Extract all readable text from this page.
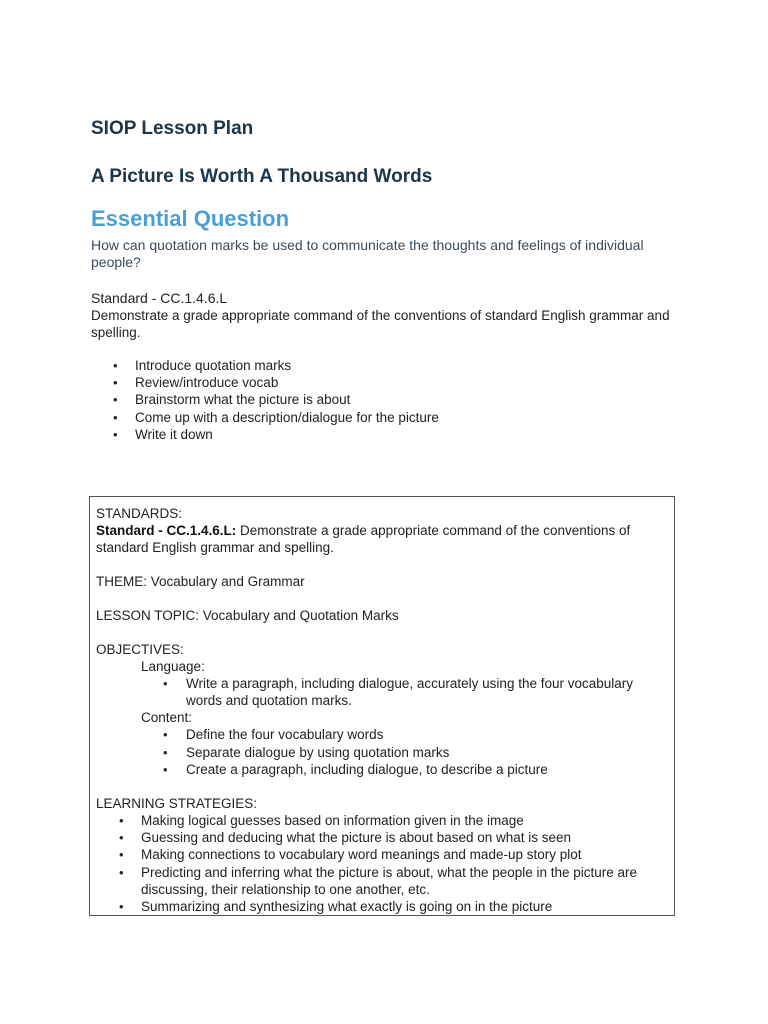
SIOP Lesson Plan
A Picture Is Worth A Thousand Words
Essential Question

How can quotation marks be used to communicate the thoughts and feelings of individual people?

Standard - CC.1.4.6.L

Demonstrate a grade appropriate command of the conventions of standard English grammar and spelling.

• Introduce quotation marks
• Review/introduce vocab
• Brainstorm what the picture is about
• Come up with a description/dialogue for the picture
• Write it down

STANDARDS:

Standard - CC.1.4.6.L: Demonstrate a grade appropriate command of the conventions of standard English grammar and spelling.

THEME: Vocabulary and Grammar

LESSON TOPIC: Vocabulary and Quotation Marks

OBJECTIVES:

Language:

• Write a paragraph, including dialogue, accurately using the four vocabulary words and quotation marks.

Content:

• Define the four vocabulary words
• Separate dialogue by using quotation marks
• Create a paragraph, including dialogue, to describe a picture

LEARNING STRATEGIES:

• Making logical guesses based on information given in the image
• Guessing and deducing what the picture is about based on what is seen
• Making connections to vocabulary word meanings and made-up story plot
• Predicting and inferring what the picture is about, what the people in the picture are discussing, their relationship to one another, etc.
• Summarizing and synthesizing what exactly is going on in the picture
